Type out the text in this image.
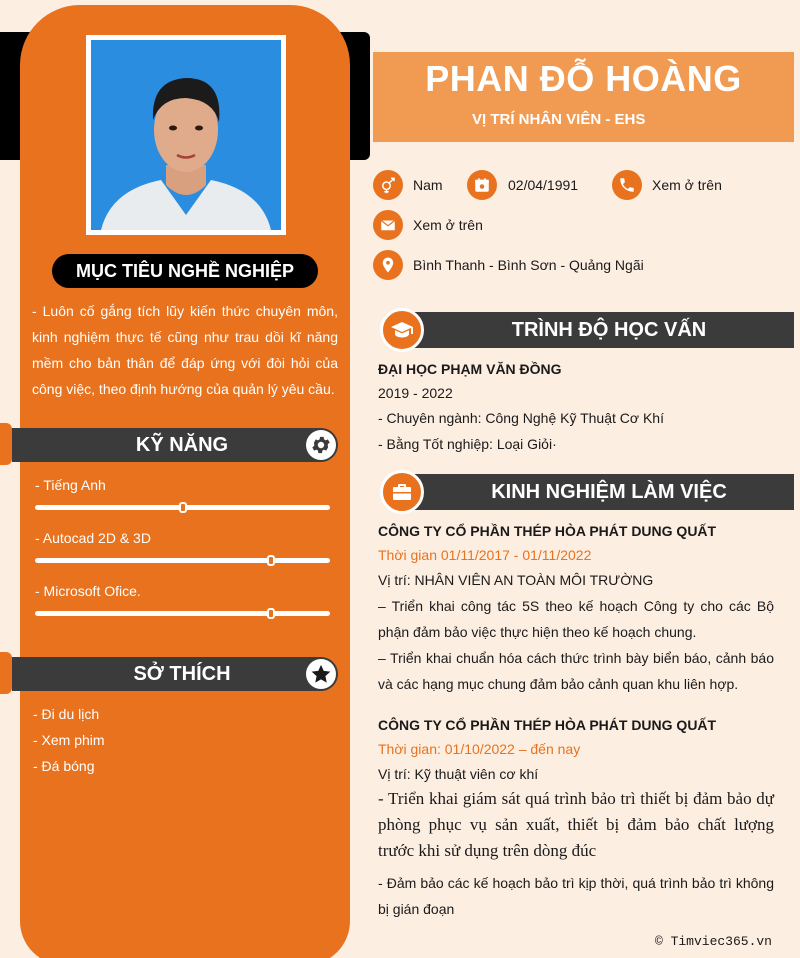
MỤC TIÊU NGHỀ NGHIỆP
- Luôn cố gắng tích lũy kiến thức chuyên môn, kinh nghiệm thực tế cũng như trau dồi kĩ năng mềm cho bản thân để đáp ứng với đòi hỏi của công việc, theo định hướng của quản lý yêu cầu.
KỸ NĂNG
- Tiếng Anh
- Autocad 2D & 3D
- Microsoft Ofice.
SỞ THÍCH
- Đi du lịch
- Xem phim
- Đá bóng
PHAN ĐỖ HOÀNG
VỊ TRÍ NHÂN VIÊN - EHS
Nam	02/04/1991	Xem ở trên
Xem ở trên
Bình Thanh - Bình Sơn - Quảng Ngãi
TRÌNH ĐỘ HỌC VẤN
ĐẠI HỌC PHẠM VĂN ĐỒNG
2019 - 2022
- Chuyên ngành: Công Nghệ Kỹ Thuật Cơ Khí
- Bằng Tốt nghiệp: Loại Giỏi·
KINH NGHIỆM LÀM VIỆC
CÔNG TY CỔ PHẦN THÉP HÒA PHÁT DUNG QUẤT
Thời gian 01/11/2017 - 01/11/2022
Vị trí: NHÂN VIÊN AN TOÀN MÔI TRƯỜNG
– Triển khai công tác 5S theo kế hoạch Công ty cho các Bộ phận đảm bảo việc thực hiện theo kế hoạch chung.
– Triển khai chuẩn hóa cách thức trình bày biển báo, cảnh báo và các hạng mục chung đảm bảo cảnh quan khu liên hợp.
CÔNG TY CỔ PHẦN THÉP HÒA PHÁT DUNG QUẤT
Thời gian: 01/10/2022 – đến nay
Vị trí: Kỹ thuật viên cơ khí
- Triển khai giám sát quá trình bảo trì thiết bị đảm bảo dự phòng phục vụ sản xuất, thiết bị đảm bảo chất lượng trước khi sử dụng trên dòng đúc
- Đảm bảo các kế hoạch bảo trì kịp thời, quá trình bảo trì không bị gián đoạn
© Timviec365.vn
